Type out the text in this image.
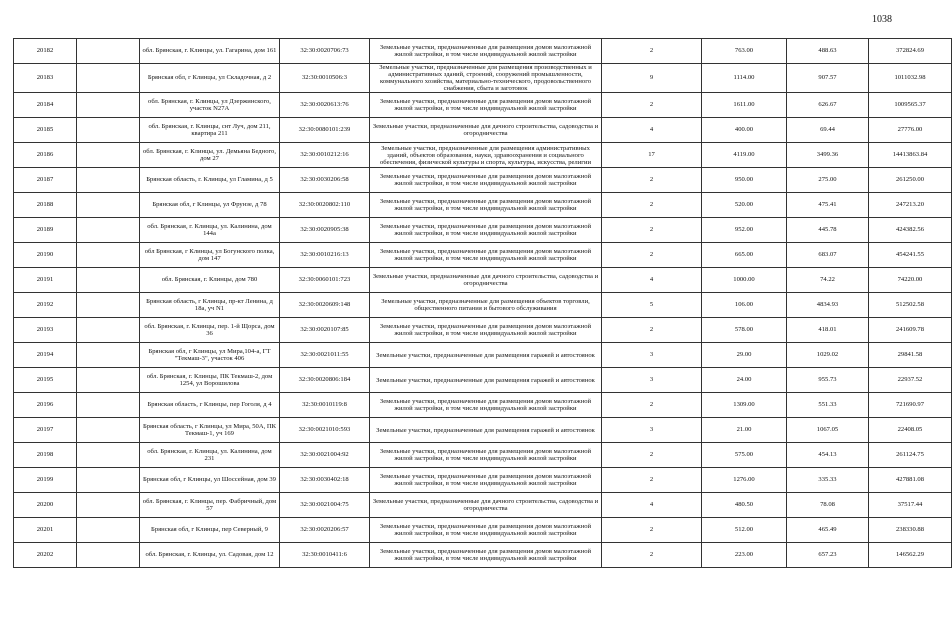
1038
20182		обл. Брянская, г. Клинцы, ул. Гагарина, дом 161	32:30:0020706:73	Земельные участки, предназначенные для размещения домов малоэтажной жилой застройки, в том числе индивидуальной жилой застройки	2	763.00	488.63	372824.69
20183		Брянская обл, г Клинцы, ул Складочная, д 2	32:30:0010506:3	Земельные участки, предназначенные для размещения производственных и административных зданий, строений, сооружений промышленности, коммунального хозяйства, материально-технического, продовольственного снабжения, сбыта и заготовок	9	1114.00	907.57	1011032.98
20184		обл. Брянская, г. Клинцы, ул Дзержинского, участок N27А	32:30:0020613:76	Земельные участки, предназначенные для размещения домов малоэтажной жилой застройки, в том числе индивидуальной жилой застройки	2	1611.00	626.67	1009565.37
20185		обл. Брянская, г. Клинцы, снт Луч, дом 211, квартира 211	32:30:0080101:239	Земельные участки, предназначенные для дачного строительства, садоводства и огородничества	4	400.00	69.44	27776.00
20186		обл. Брянская, г. Клинцы, ул. Демьяна Бедного, дом 27	32:30:0010212:16	Земельные участки, предназначенные для размещения административных зданий, объектов образования, науки, здравоохранения и социального обеспечения, физической культуры и спорта, культуры, искусства, религии	17	4119.00	3499.36	14413863.84
20187		Брянская область, г. Клинцы, ул Гламина, д 5	32:30:0030206:58	Земельные участки, предназначенные для размещения домов малоэтажной жилой застройки, в том числе индивидуальной жилой застройки	2	950.00	275.00	261250.00
20188		Брянская обл, г Клинцы, ул Фрунзе, д 78	32:30:0020802:110	Земельные участки, предназначенные для размещения домов малоэтажной жилой застройки, в том числе индивидуальной жилой застройки	2	520.00	475.41	247213.20
20189		обл. Брянская, г. Клинцы, ул. Калинина, дом 144а	32:30:0020905:38	Земельные участки, предназначенные для размещения домов малоэтажной жилой застройки, в том числе индивидуальной жилой застройки	2	952.00	445.78	424382.56
20190		обл Брянская, г Клинцы, ул Богунского полка, дом 147	32:30:0010216:13	Земельные участки, предназначенные для размещения домов малоэтажной жилой застройки, в том числе индивидуальной жилой застройки	2	665.00	683.07	454241.55
20191		обл. Брянская, г. Клинцы, дом 780	32:30:0060101:723	Земельные участки, предназначенные для дачного строительства, садоводства и огородничества	4	1000.00	74.22	74220.00
20192		Брянская область, г Клинцы, пр-кт Ленина, д 18а, уч N1	32:30:0020609:148	Земельные участки, предназначенные для размещения объектов торговли, общественного питания и бытового обслуживания	5	106.00	4834.93	512502.58
20193		обл. Брянская, г. Клинцы, пер. 1-й Щорса, дом 36	32:30:0020107:85	Земельные участки, предназначенные для размещения домов малоэтажной жилой застройки, в том числе индивидуальной жилой застройки	2	578.00	418.01	241609.78
20194		Брянская обл, г Клинцы, ул Мира,104-а, ГТ "Текмаш-3", участок 406	32:30:0021011:55	Земельные участки, предназначенные для размещения гаражей и автостоянок	3	29.00	1029.02	29841.58
20195		обл. Брянская, г. Клинцы, ПК Текмаш-2, дом 1254, ул Ворошилова	32:30:0020806:184	Земельные участки, предназначенные для размещения гаражей и автостоянок	3	24.00	955.73	22937.52
20196		Брянская область, г Клинцы, пер Гоголя, д 4	32:30:0010119:8	Земельные участки, предназначенные для размещения домов малоэтажной жилой застройки, в том числе индивидуальной жилой застройки	2	1309.00	551.33	721690.97
20197		Брянская область, г Клинцы, ул Мира, 50А, ПК Текмаш-1, уч 169	32:30:0021010:593	Земельные участки, предназначенные для размещения гаражей и автостоянок	3	21.00	1067.05	22408.05
20198		обл. Брянская, г. Клинцы, ул. Калинина, дом 231	32:30:0021004:92	Земельные участки, предназначенные для размещения домов малоэтажной жилой застройки, в том числе индивидуальной жилой застройки	2	575.00	454.13	261124.75
20199		Брянская обл, г Клинцы, ул Шоссейная, дом 39	32:30:0030402:18	Земельные участки, предназначенные для размещения домов малоэтажной жилой застройки, в том числе индивидуальной жилой застройки	2	1276.00	335.33	427881.08
20200		обл. Брянская, г. Клинцы, пер. Фабричный, дом 57	32:30:0021004:75	Земельные участки, предназначенные для дачного строительства, садоводства и огородничества	4	480.50	78.08	37517.44
20201		Брянская обл, г Клинцы, пер Северный, 9	32:30:0020206:57	Земельные участки, предназначенные для размещения домов малоэтажной жилой застройки, в том числе индивидуальной жилой застройки	2	512.00	465.49	238330.88
20202		обл. Брянская, г. Клинцы, ул. Садовая, дом 12	32:30:0010411:6	Земельные участки, предназначенные для размещения домов малоэтажной жилой застройки, в том числе индивидуальной жилой застройки	2	223.00	657.23	146562.29
